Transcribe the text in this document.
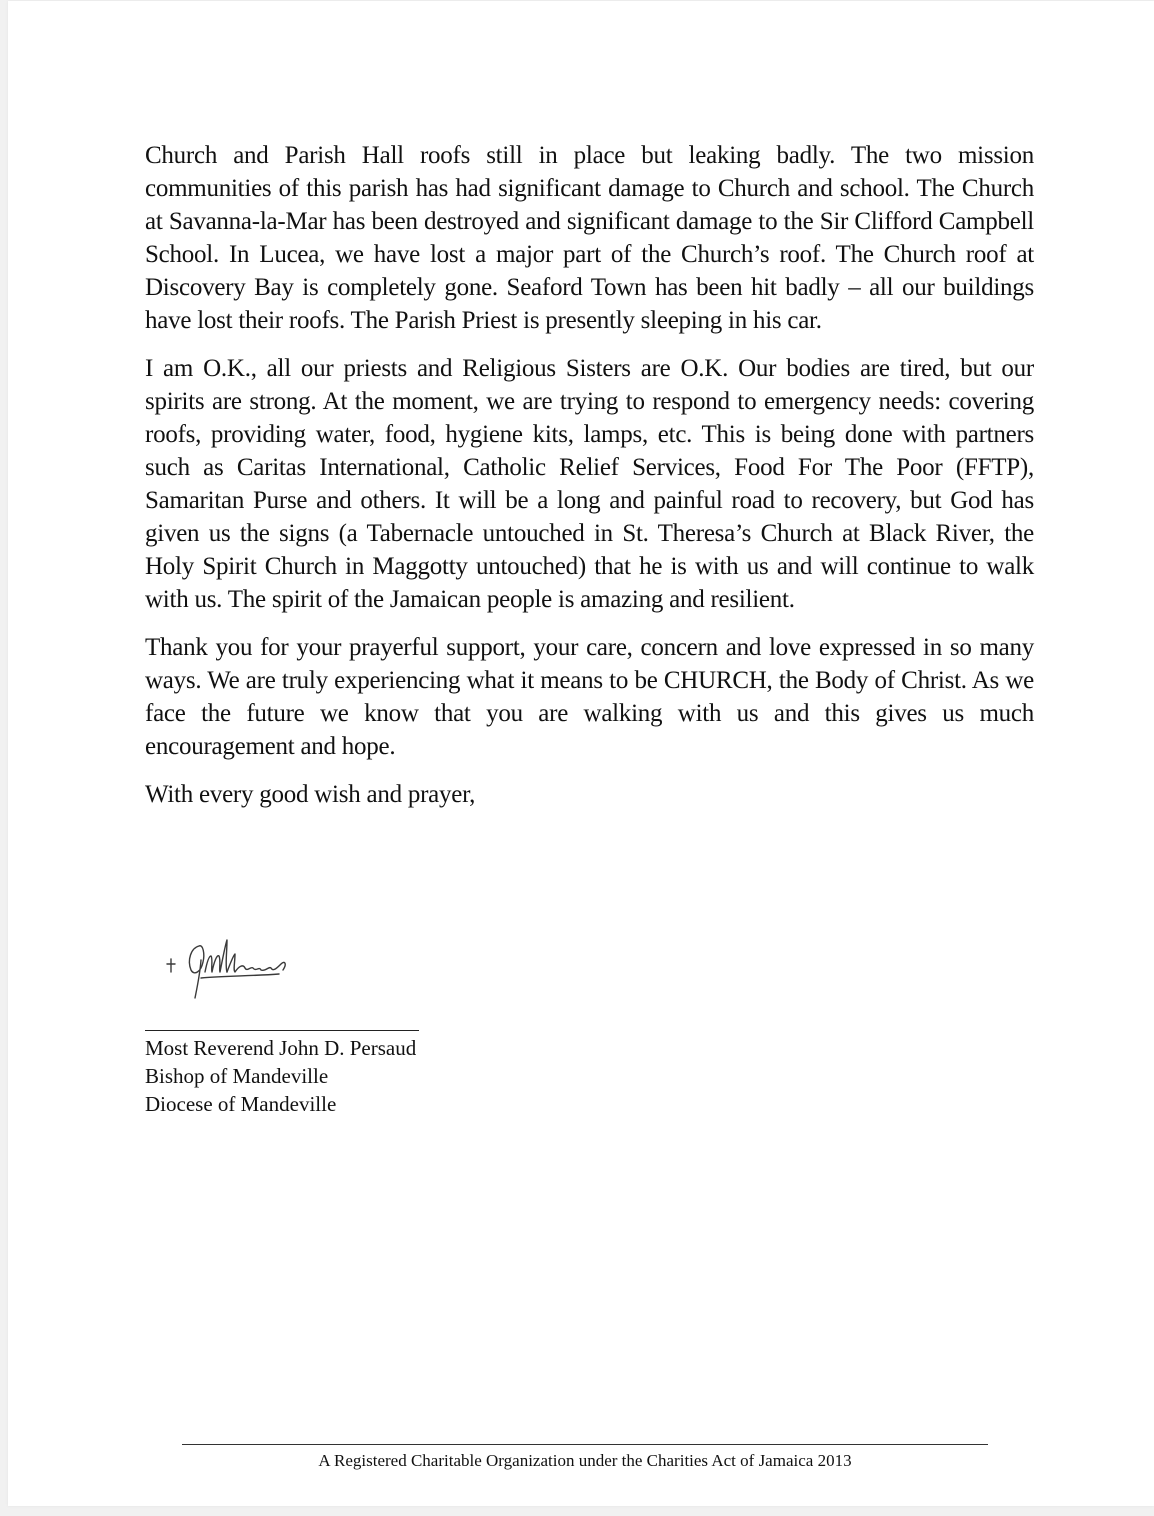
Church and Parish Hall roofs still in place but leaking badly. The two mission communities of this parish has had significant damage to Church and school. The Church at Savanna-la-Mar has been destroyed and significant damage to the Sir Clifford Campbell School. In Lucea, we have lost a major part of the Church’s roof. The Church roof at Discovery Bay is completely gone. Seaford Town has been hit badly – all our buildings have lost their roofs. The Parish Priest is presently sleeping in his car.

I am O.K., all our priests and Religious Sisters are O.K. Our bodies are tired, but our spirits are strong. At the moment, we are trying to respond to emergency needs: covering roofs, providing water, food, hygiene kits, lamps, etc. This is being done with partners such as Caritas International, Catholic Relief Services, Food For The Poor (FFTP), Samaritan Purse and others. It will be a long and painful road to recovery, but God has given us the signs (a Tabernacle untouched in St. Theresa’s Church at Black River, the Holy Spirit Church in Maggotty untouched) that he is with us and will continue to walk with us. The spirit of the Jamaican people is amazing and resilient.

Thank you for your prayerful support, your care, concern and love expressed in so many ways. We are truly experiencing what it means to be CHURCH, the Body of Christ. As we face the future we know that you are walking with us and this gives us much encouragement and hope.

With every good wish and prayer,

Most Reverend John D. Persaud
Bishop of Mandeville
Diocese of Mandeville
A Registered Charitable Organization under the Charities Act of Jamaica 2013
